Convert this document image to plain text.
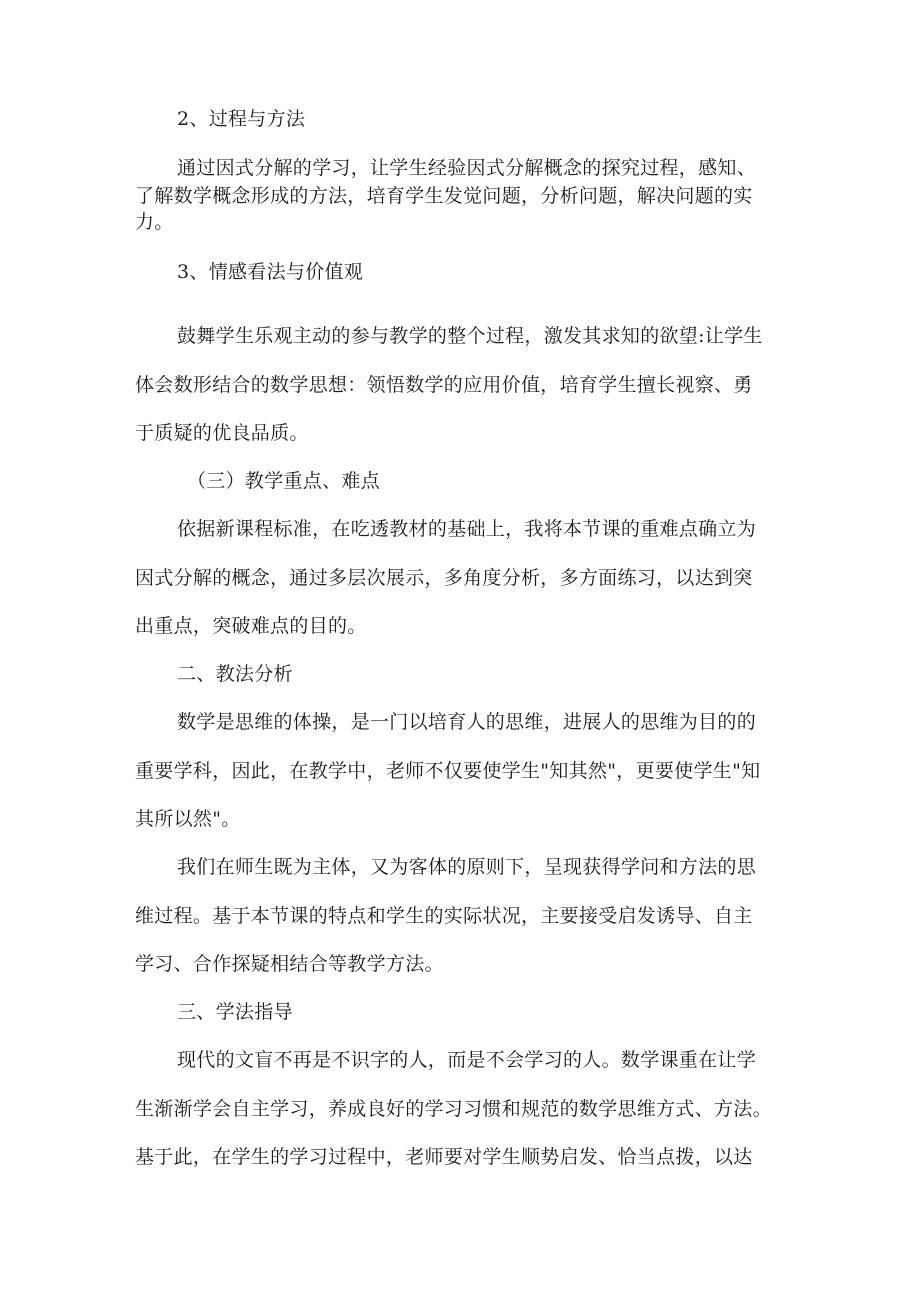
2、过程与方法
通过因式分解的学习，让学生经验因式分解概念的探究过程，感知、
了解数学概念形成的方法，培育学生发觉问题，分析问题，解决问题的实
力。
3、情感看法与价值观
鼓舞学生乐观主动的参与教学的整个过程，激发其求知的欲望:让学生
体会数形结合的数学思想：领悟数学的应用价值，培育学生擅长视察、勇
于质疑的优良品质。
（三）教学重点、难点
依据新课程标准，在吃透教材的基础上，我将本节课的重难点确立为
因式分解的概念，通过多层次展示，多角度分析，多方面练习，以达到突
出重点，突破难点的目的。
二、教法分析
数学是思维的体操，是一门以培育人的思维，进展人的思维为目的的
重要学科，因此，在教学中，老师不仅要使学生"知其然"，更要使学生"知
其所以然"。
我们在师生既为主体，又为客体的原则下，呈现获得学问和方法的思
维过程。基于本节课的特点和学生的实际状况，主要接受启发诱导、自主
学习、合作探疑相结合等教学方法。
三、学法指导
现代的文盲不再是不识字的人，而是不会学习的人。数学课重在让学
生渐渐学会自主学习，养成良好的学习习惯和规范的数学思维方式、方法。
基于此，在学生的学习过程中，老师要对学生顺势启发、恰当点拨，以达
